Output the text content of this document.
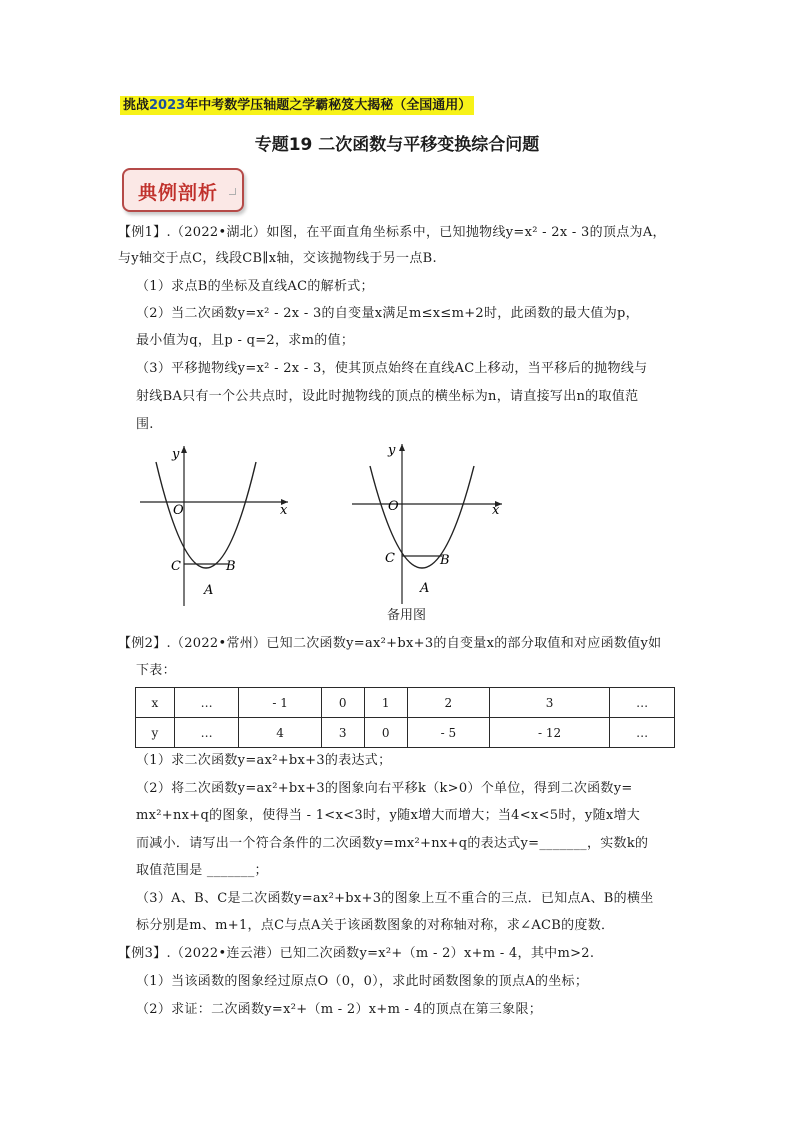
挑战2023年中考数学压轴题之学霸秘笈大揭秘（全国通用）
专题19 二次函数与平移变换综合问题
典例剖析
【例1】.（2022•湖北）如图，在平面直角坐标系中，已知抛物线y=x² - 2x - 3的顶点为A，
与y轴交于点C，线段CB∥x轴，交该抛物线于另一点B.
（1）求点B的坐标及直线AC的解析式；
（2）当二次函数y=x² - 2x - 3的自变量x满足m≤x≤m+2时，此函数的最大值为p，
最小值为q，且p - q=2，求m的值；
（3）平移抛物线y=x² - 2x - 3，使其顶点始终在直线AC上移动，当平移后的抛物线与
射线BA只有一个公共点时，设此时抛物线的顶点的横坐标为n，请直接写出n的取值范
围.
y
x
O
C	B
A
y
x
O
C	B
A
备用图
【例2】.（2022•常州）已知二次函数y=ax²+bx+3的自变量x的部分取值和对应函数值y如
下表：
x	…	- 1	0	1	2	3	…
y	…	4	3	0	- 5	- 12	…
（1）求二次函数y=ax²+bx+3的表达式；
（2）将二次函数y=ax²+bx+3的图象向右平移k（k>0）个单位，得到二次函数y=
mx²+nx+q的图象，使得当 - 1<x<3时，y随x增大而增大；当4<x<5时，y随x增大
而减小．请写出一个符合条件的二次函数y=mx²+nx+q的表达式y=_______，实数k的
取值范围是 _______；
（3）A、B、C是二次函数y=ax²+bx+3的图象上互不重合的三点．已知点A、B的横坐
标分别是m、m+1，点C与点A关于该函数图象的对称轴对称，求∠ACB的度数．
【例3】.（2022•连云港）已知二次函数y=x²+（m - 2）x+m - 4，其中m>2.
（1）当该函数的图象经过原点O（0，0），求此时函数图象的顶点A的坐标；
（2）求证：二次函数y=x²+（m - 2）x+m - 4的顶点在第三象限；
